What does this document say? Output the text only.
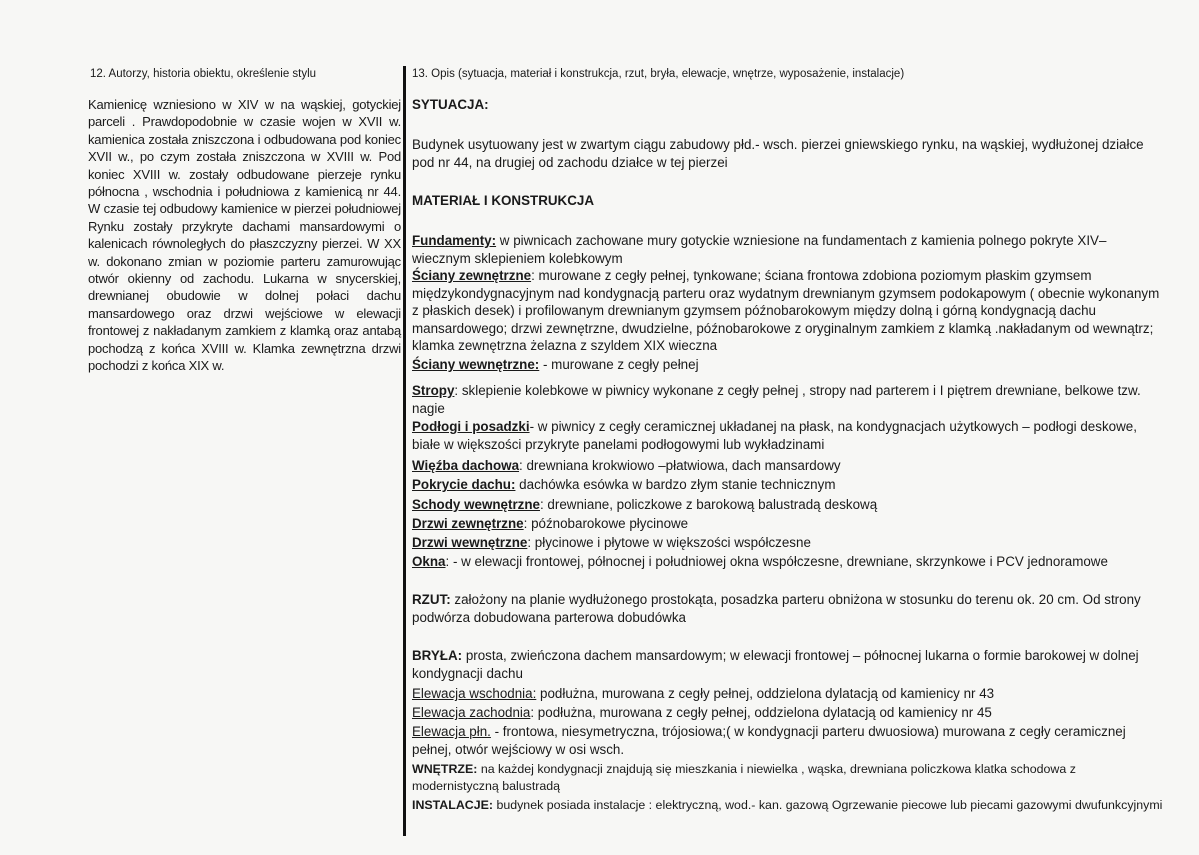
12. Autorzy, historia obiektu, określenie stylu
Kamienicę wzniesiono w XIV w na wąskiej, gotyckiej parceli . Prawdopodobnie w czasie wojen w XVII w. kamienica została zniszczona i odbudowana pod koniec XVII w., po czym została zniszczona w XVIII w. Pod koniec XVIII w. zostały odbudowane pierzeje rynku północna , wschodnia i południowa z kamienicą nr 44. W czasie tej odbudowy kamienice w pierzei południowej Rynku zostały przykryte dachami mansardowymi o kalenicach równoległych do płaszczyzny pierzei. W XX w. dokonano zmian w poziomie parteru zamurowując otwór okienny od zachodu. Lukarna w snycerskiej, drewnianej obudowie w dolnej połaci dachu mansardowego oraz drzwi wejściowe w elewacji frontowej z nakładanym zamkiem z klamką oraz antabą pochodzą z końca XVIII w. Klamka zewnętrzna drzwi pochodzi z końca XIX w.
13. Opis (sytuacja, materiał i konstrukcja, rzut, bryła, elewacje, wnętrze, wyposażenie, instalacje)
SYTUACJA:
Budynek usytuowany jest w zwartym ciągu zabudowy płd.- wsch. pierzei gniewskiego rynku, na wąskiej, wydłużonej działce pod nr 44, na drugiej od zachodu działce w tej pierzei
MATERIAŁ I KONSTRUKCJA
Fundamenty: w piwnicach zachowane mury gotyckie wzniesione na fundamentach z kamienia polnego pokryte XIV– wiecznym sklepieniem kolebkowym
Ściany zewnętrzne: murowane z cegły pełnej, tynkowane; ściana frontowa zdobiona poziomym płaskim gzymsem międzykondygnacyjnym nad kondygnacją parteru oraz wydatnym drewnianym gzymsem podokapowym ( obecnie wykonanym z płaskich desek) i profilowanym drewnianym gzymsem późnobarokowym między dolną i górną kondygnacją dachu mansardowego; drzwi zewnętrzne, dwudzielne, późnobarokowe z oryginalnym zamkiem z klamką .nakładanym od wewnątrz; klamka zewnętrzna żelazna z szyldem XIX wieczna
Ściany wewnętrzne: - murowane z cegły pełnej
Stropy: sklepienie kolebkowe w piwnicy wykonane z cegły pełnej , stropy nad parterem i I piętrem drewniane, belkowe tzw. nagie
Podłogi i posadzki- w piwnicy z cegły ceramicznej układanej na płask, na kondygnacjach użytkowych – podłogi deskowe, białe w większości przykryte panelami podłogowymi lub wykładzinami
Więźba dachowa: drewniana krokwiowo –płatwiowa, dach mansardowy
Pokrycie dachu: dachówka esówka w bardzo złym stanie technicznym
Schody wewnętrzne: drewniane, policzkowe z barokową balustradą deskową
Drzwi zewnętrzne: późnobarokowe płycinowe
Drzwi wewnętrzne: płycinowe i płytowe w większości współczesne
Okna: - w elewacji frontowej, północnej i południowej okna współczesne, drewniane, skrzynkowe i PCV jednoramowe
RZUT: założony na planie wydłużonego prostokąta, posadzka parteru obniżona w stosunku do terenu ok. 20 cm. Od strony podwórza dobudowana parterowa dobudówka
BRYŁA: prosta, zwieńczona dachem mansardowym; w elewacji frontowej – północnej lukarna o formie barokowej w dolnej kondygnacji dachu
Elewacja wschodnia: podłużna, murowana z cegły pełnej, oddzielona dylatacją od kamienicy nr 43
Elewacja zachodnia: podłużna, murowana z cegły pełnej, oddzielona dylatacją od kamienicy nr 45
Elewacja płn. - frontowa, niesymetryczna, trójosiowa;( w kondygnacji parteru dwuosiowa) murowana z cegły ceramicznej pełnej, otwór wejściowy w osi wsch.
WNĘTRZE: na każdej kondygnacji znajdują się mieszkania i niewielka , wąska, drewniana policzkowa klatka schodowa z modernistyczną balustradą
INSTALACJE: budynek posiada instalacje : elektryczną, wod.- kan. gazową Ogrzewanie piecowe lub piecami gazowymi dwufunkcyjnymi
